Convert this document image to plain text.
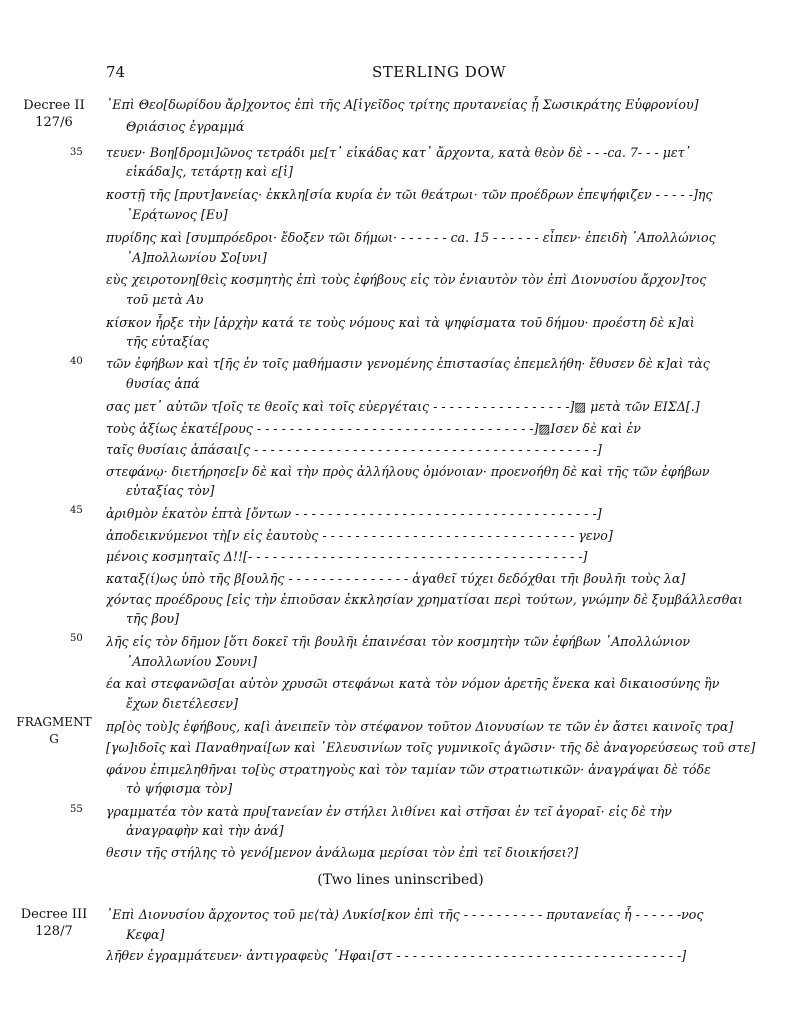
74	STERLING DOW
Decree II
127/6
FRAGMENT
G
Decree III
128/7
35
40
45
50
55
᾿Επὶ Θεο[δωρίδου ἄρ]χοντος ἐπὶ τῆς Α[ἰγεῖδος τρίτης πρυτανείας ᾗ Σωσικράτης Εὐφρονίου]
Θριάσιος ἐγραμμά
τευεν· Βοη[δρομι]ῶνος τετράδι με[τ᾿ εἰκάδας κατ᾿ ἄρχοντα, κατὰ θεὸν δὲ - - -ca. 7- - - μετ᾿
εἰκάδα]ς, τετάρτῃ καὶ ε[ἰ]
κοστῇ τῆς [πρυτ]ανείας· ἐκκλη[σία κυρία ἐν τῶι θεάτρωι· τῶν προέδρων ἐπεψήφιζεν - - - - -]ης
᾿Ερά̣τωνος [Ευ]
πυρίδης καὶ [συμπρόεδροι· ἔδοξεν τῶι δήμωι· - - - - - - ca. 15 - - - - - - εἶπεν· ἐπειδὴ ᾿Απολλώνιος
᾿Α]πολλωνίου Σο[υνι]
εὺς χειροτονη[θεὶς κοσμητὴς ἐπὶ τοὺς ἐφήβους εἰς τὸν ἐνιαυτὸν τὸν ἐπὶ Διονυσίου ἄρχον]τος
τοῦ μετὰ Αυ
κίσκον ἦρξε τὴν [ἀρχὴν κατά τε τοὺς νόμους καὶ τὰ ψηφίσματα τοῦ δήμου· προέστη δὲ κ]αὶ
τῆς εὐταξίας
τῶν ἐφήβων καὶ τ[ῆς ἐν τοῖς μαθήμασιν γενομένης ἐπιστασίας ἐπεμελήθη· ἔθυσεν δὲ κ]αὶ τὰς
θυσίας ἁπά
σας μετ᾿ αὐτῶν τ[οῖς τε θεοῖς καὶ τοῖς εὐεργέταις - - - - - - - - - - - - - - - - -]▨ μετὰ τῶν ΕΙΣΔ[.]
τοὺς ἀξίως ἑκατέ[ρους - - - - - - - - - - - - - - - - - - - - - - - - - - - - - - - - - -]▨Ισεν δὲ καὶ ἐν
ταῖς θυσίαις ἁπάσαι[ς - - - - - - - - - - - - - - - - - - - - - - - - - - - - - - - - - - - - - - - - - -]
στεφάνῳ· διετήρησε[ν δὲ καὶ τὴν πρὸς ἀλλήλους ὁμόνοιαν· προενοήθη δὲ καὶ τῆς τῶν ἐφήβων
εὐταξίας τὸν]
ἀριθμὸν ἑκατὸν ἑπτὰ [ὄντων - - - - - - - - - - - - - - - - - - - - - - - - - - - - - - - - - - - - -]
ἀποδεικνύμενοι τὴ[ν εἰς ἑαυτοὺς - - - - - - - - - - - - - - - - - - - - - - - - - - - - - - - γενο]
μένοις κοσμηταῖς Δ!![- - - - - - - - - - - - - - - - - - - - - - - - - - - - - - - - - - - - - - - - -]
καταξ(ί)ως ὑπὸ τῆς β[ουλῆς - - - - - - - - - - - - - - - ἀγαθεῖ τύχει δεδόχθαι τῆι βουλῆι τοὺς λα]
χόντας προέδρους [εἰς τὴν ἐπιοῦσαν ἐκκλησίαν χρηματίσαι περὶ τούτων, γνώμην δὲ ξυμβάλλεσθαι
τῆς βου]
λῆς εἰς τὸν δῆμον [ὅτι δοκεῖ τῆι βουλῆι ἐπαινέσαι τὸν κοσμητὴν τῶν ἐφήβων ᾿Απολλώνιον
᾿Απολλωνίου Σουνι]
έα καὶ στεφανῶσ[αι αὐτὸν χρυσῶι στεφάνωι κατὰ τὸν νόμον ἀρετῆς ἕνεκα καὶ δικαιοσύνης ἣν
ἔχων διετέλεσεν]
πρ[ὸς τοὺ]ς ἐφήβους, κα[ὶ ἀνειπεῖν τὸν στέφανον τοῦτον Διονυσίων τε τῶν ἐν ἄστει καινοῖς τρα]
[γω]ιδοῖς καὶ Παναθηναί[ων καὶ ᾿Ελευσινίων τοῖς γυμνικοῖς ἀγῶσιν· τῆς δὲ ἀναγορεύσεως τοῦ στε]
φάνου ἐπιμεληθῆναι το[ὺς στρατηγοὺς καὶ τὸν ταμίαν τῶν στρατιωτικῶν· ἀναγράψαι δὲ τόδε
τὸ ψήφισμα τὸν]
γραμματέα τὸν κατὰ πρυ[τανείαν ἐν στήλει λιθίνει καὶ στῆσαι ἐν τεῖ ἀγοραῖ· εἰς δὲ τὴν
ἀναγραφὴν καὶ τὴν ἀνά]
θεσιν τῆς στήλης τὸ γενό[μενον ἀνάλωμα μερίσαι τὸν ἐπὶ τεῖ διοικήσει?]
(Two lines uninscribed)
᾿Επὶ Διονυσίου ἄρχοντος τοῦ με⟨τὰ⟩ Λυκίσ[κον ἐπὶ τῆς - - - - - - - - - - πρυτανείας ἧ - - - - - -νος
Κεφα]
λῆθεν ἐγραμμάτευεν· ἀντιγραφεὺς ῾Ηφαι[στ - - - - - - - - - - - - - - - - - - - - - - - - - - - - - - - - - - -]
